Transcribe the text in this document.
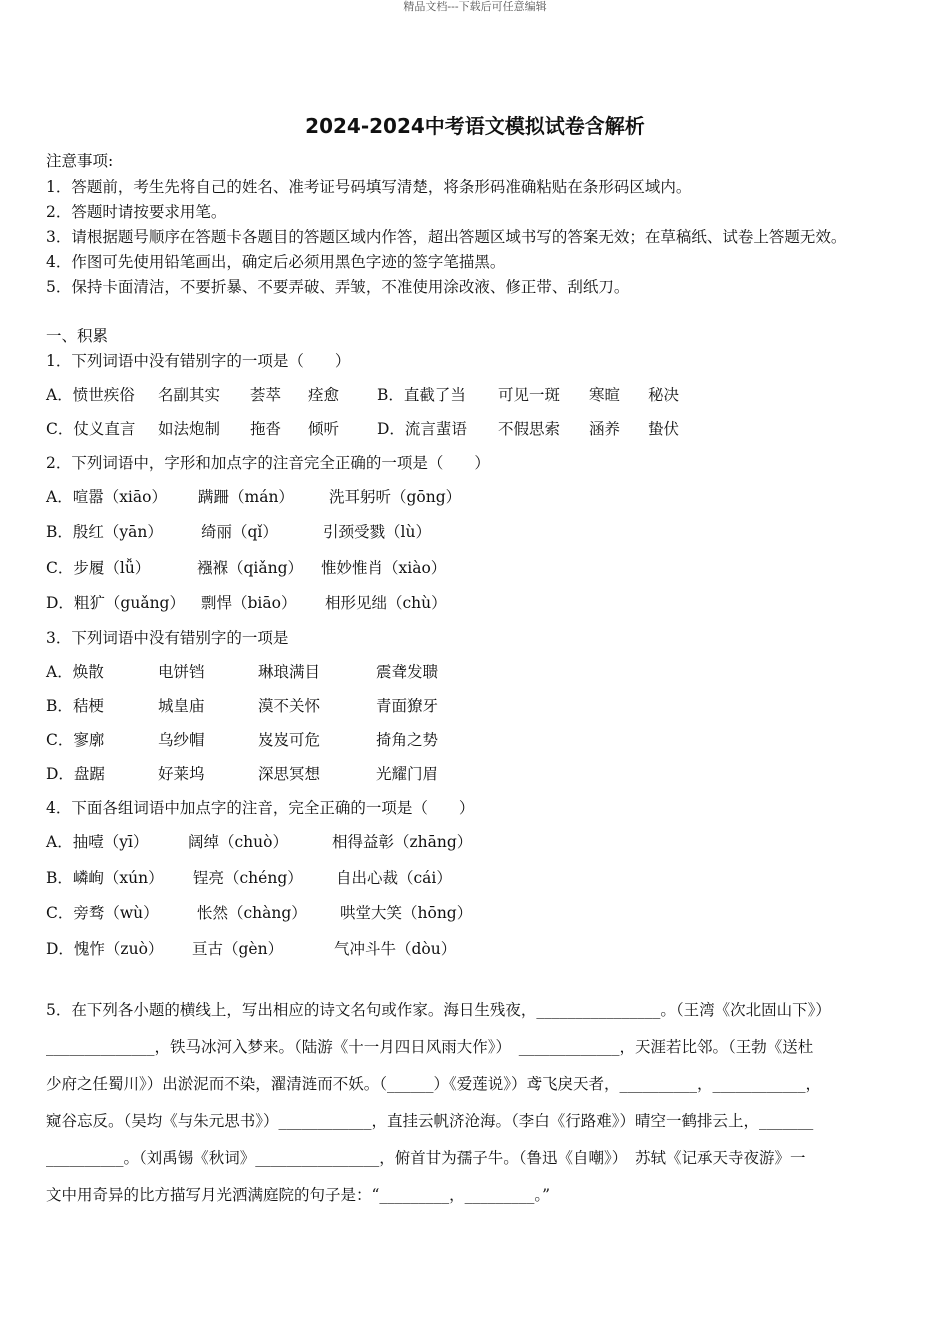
精品文档---下载后可任意编辑
2024-2024中考语文模拟试卷含解析
注意事项:
1．答题前，考生先将自己的姓名、准考证号码填写清楚，将条形码准确粘贴在条形码区域内。
2．答题时请按要求用笔。
3．请根据题号顺序在答题卡各题目的答题区域内作答，超出答题区域书写的答案无效；在草稿纸、试卷上答题无效。
4．作图可先使用铅笔画出，确定后必须用黑色字迹的签字笔描黑。
5．保持卡面清洁，不要折暴、不要弄破、弄皱，不准使用涂改液、修正带、刮纸刀。
一、积累
1．下列词语中没有错别字的一项是（　　）
A．愤世疾俗 名副其实 荟萃 痊愈 B．直截了当 可见一斑 寒暄 秘决
C．仗义直言 如法炮制 拖沓 倾听 D．流言蜚语 不假思索 涵养 蛰伏
2．下列词语中，字形和加点字的注音完全正确的一项是（　　）
A．喧嚣（xiāo） 蹒跚（mán） 洗耳躬听（gōng）
B．殷红（yān） 绮丽（qǐ）	引颈受戮（lù）
C．步履（lǚ）	襁褓（qiǎng） 惟妙惟肖（xiào）
D．粗犷（guǎng） 剽悍（biāo） 相形见绌（chù）
3．下列词语中没有错别字的一项是
A．焕散	电饼铛	琳琅满目	震聋发聩
B．秸梗	城皇庙	漠不关怀	青面獠牙
C．寥廓	乌纱帽	岌岌可危	掎角之势
D．盘踞	好莱坞	深思冥想	光耀门眉
4．下面各组词语中加点字的注音，完全正确的一项是（　　）
A．抽噎（yī）	阔绰（chuò）	相得益彰（zhāng）
B．嶙峋（xún） 锃亮（chéng） 自出心裁（cái）
C．旁骛（wù） 怅然（chàng） 哄堂大笑（hōng）
D．愧怍（zuò） 亘古（gèn）	气冲斗牛（dòu）
5．在下列各小题的横线上，写出相应的诗文名句或作家。海日生残夜，________________。（王湾《次北固山下》）
______________，铁马冰河入梦来。（陆游《十一月四日风雨大作》）　_____________，天涯若比邻。（王勃《送杜
少府之任蜀川》）出淤泥而不染，濯清涟而不妖。（______）《爱莲说》）鸢飞戾天者，__________，____________，
窥谷忘反。（吴均《与朱元思书》）____________，直挂云帆济沧海。（李白《行路难》）晴空一鹤排云上，_______
__________。（刘禹锡《秋词》________________，俯首甘为孺子牛。（鲁迅《自嘲》）　苏轼《记承天寺夜游》一
文中用奇异的比方描写月光洒满庭院的句子是：“_________，_________。”
